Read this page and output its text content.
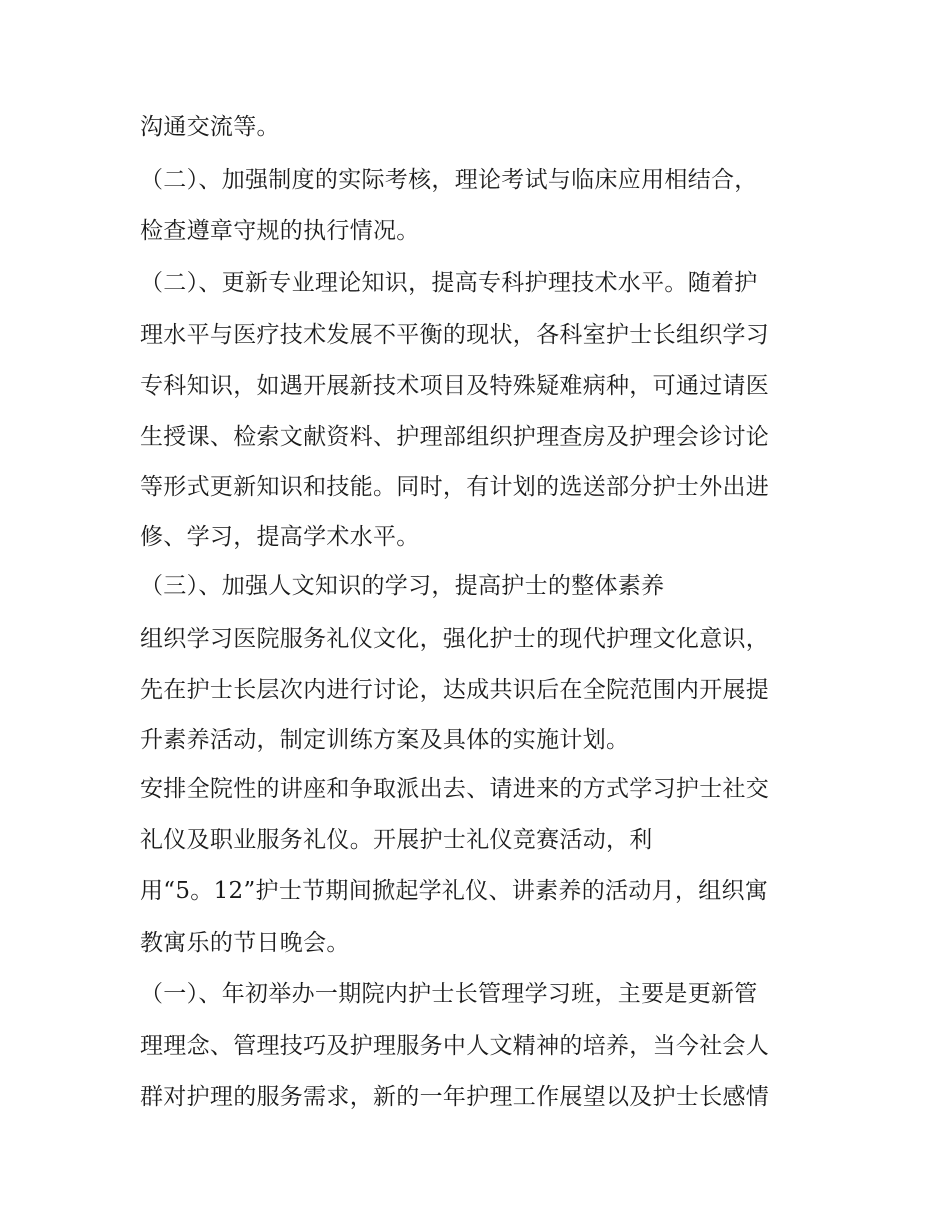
沟通交流等。

（二）、加强制度的实际考核，理论考试与临床应用相结合，

检查遵章守规的执行情况。

（二）、更新专业理论知识，提高专科护理技术水平。随着护

理水平与医疗技术发展不平衡的现状，各科室护士长组织学习

专科知识，如遇开展新技术项目及特殊疑难病种，可通过请医

生授课、检索文献资料、护理部组织护理查房及护理会诊讨论

等形式更新知识和技能。同时，有计划的选送部分护士外出进

修、学习，提高学术水平。

（三）、加强人文知识的学习，提高护士的整体素养

组织学习医院服务礼仪文化，强化护士的现代护理文化意识，

先在护士长层次内进行讨论，达成共识后在全院范围内开展提

升素养活动，制定训练方案及具体的实施计划。

安排全院性的讲座和争取派出去、请进来的方式学习护士社交

礼仪及职业服务礼仪。开展护士礼仪竞赛活动，利

用“5。12”护士节期间掀起学礼仪、讲素养的活动月，组织寓

教寓乐的节日晚会。

（一）、年初举办一期院内护士长管理学习班，主要是更新管

理理念、管理技巧及护理服务中人文精神的培养，当今社会人

群对护理的服务需求，新的一年护理工作展望以及护士长感情
